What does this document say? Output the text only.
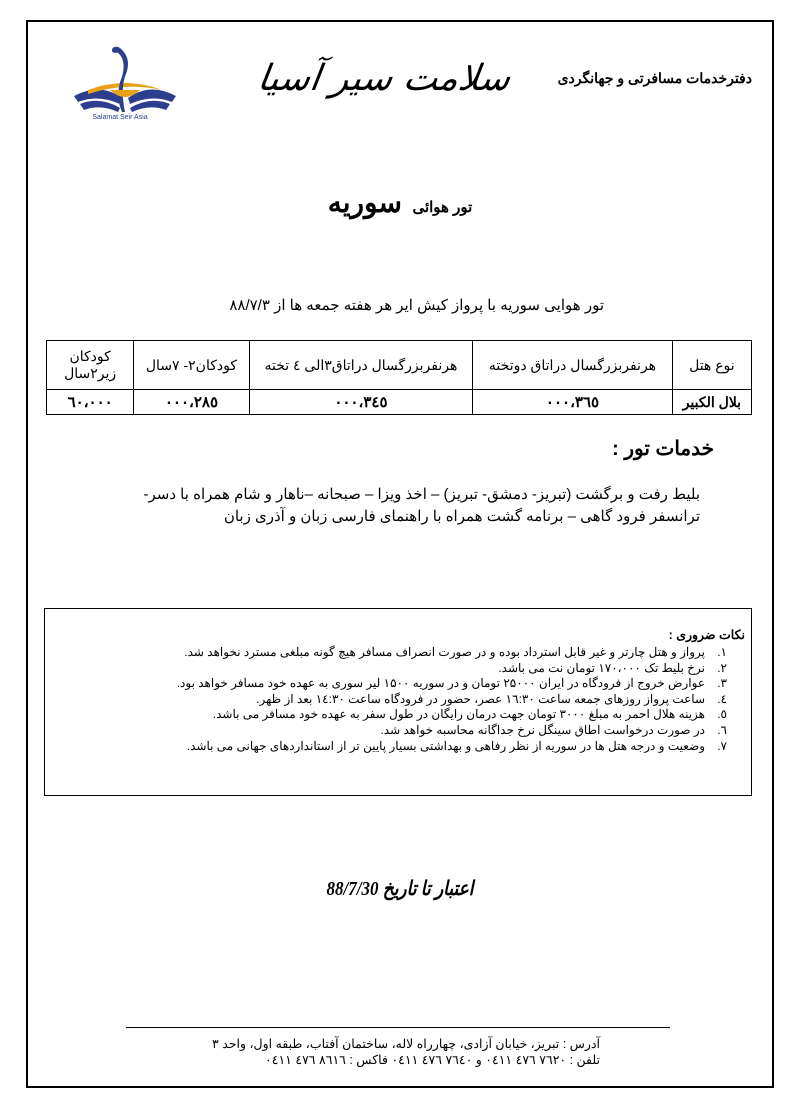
Salamat Seir Asia
دفترخدمات مسافرتی و جهانگردی
سلامت سیر آسیا
تور هوائی سوریه
تور هوایی سوریه با پرواز کیش ایر هر هفته جمعه ها از ۸۸/۷/۳
نوع هتل	هرنفربزرگسال دراتاق دوتخته	هرنفربزرگسال دراتاق۳الی ٤ تخته	کودکان۲- ۷سال	کودکان زیر۲سال
بلال الکبیر	۳٦٥،۰۰۰	۳٤٥،۰۰۰	۲۸٥،۰۰۰	٦۰،۰۰۰
خدمات تور :
بلیط رفت و برگشت (تبریز- دمشق- تبریز) – اخذ ویزا – صبحانه –ناهار و شام همراه با دسر- ترانسفر فرود گاهی – برنامه گشت همراه با راهنمای فارسی زبان و آذری زبان
نکات ضروری :
۱.
پرواز و هتل چارتر و غیر قابل استرداد بوده و در صورت انصراف مسافر هیچ گونه مبلغی مسترد نخواهد شد.
۲.
نرخ بلیط تک ۱۷۰،۰۰۰ تومان نت می باشد.
۳.
عوارض خروج از فرودگاه در ایران ۲۵۰۰۰ تومان و در سوریه ۱۵۰۰ لیر سوری به عهده خود مسافر خواهد بود.
٤.
ساعت پرواز روزهای جمعه ساعت ۱٦:۳۰ عصر، حضور در فرودگاه ساعت ۱٤:۳۰ بعد از ظهر.
٥.
هزینه هلال احمر به مبلغ ۳۰۰۰ تومان جهت درمان رایگان در طول سفر به عهده خود مسافر می باشد.
٦.
در صورت درخواست اطاق سینگل نرخ جداگانه محاسبه خواهد شد.
۷.
وضعیت و درجه هتل ها در سوریه از نظر رفاهی و بهداشتی بسیار پایین تر از استانداردهای جهانی می باشد.
اعتبار تا تاریخ 88/7/30
آدرس : تبریز، خیابان آزادی، چهارراه لاله، ساختمان آفتاب، طبقه اول، واحد ۳
تلفن : ۷٦۲۰ ٤٧٦ ۰٤۱۱ و ۷٦٤۰ ٤٧٦ ۰٤۱۱ فاکس : ٨٦١٦ ٤٧٦ ۰٤۱۱
